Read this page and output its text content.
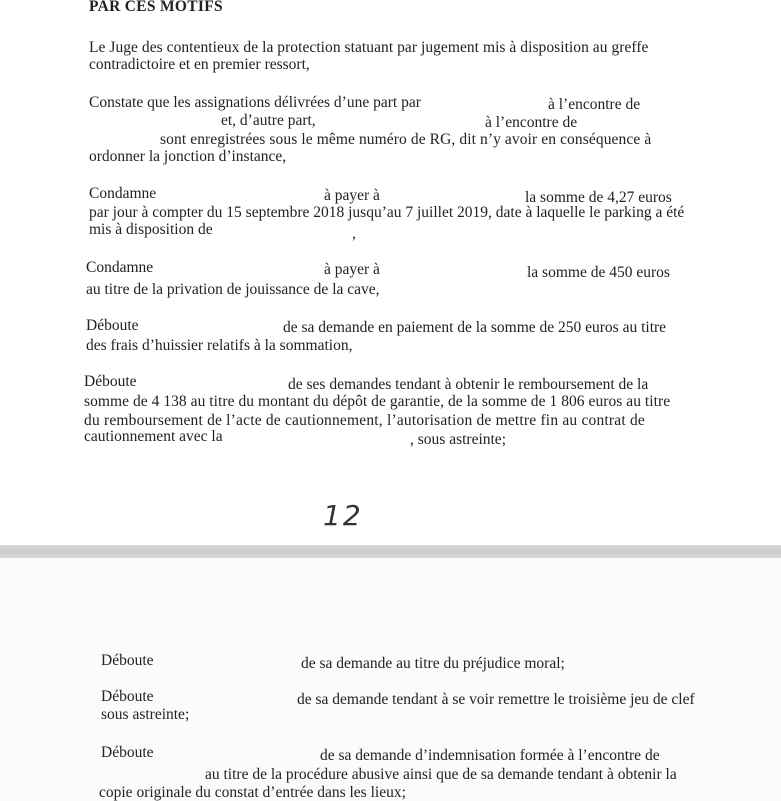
PAR CES MOTIFS
Le Juge des contentieux de la protection statuant par jugement mis à disposition au greffe
contradictoire et en premier ressort,
Constate que les assignations délivrées d’une part par	à l’encontre de
et, d’autre part,	à l’encontre de
sont enregistrées sous le même numéro de RG, dit n’y avoir en conséquence à
ordonner la jonction d’instance,
Condamne	à payer à	la somme de 4,27 euros
par jour à compter du 15 septembre 2018 jusqu’au 7 juillet 2019, date à laquelle le parking a été
mis à disposition de	,
Condamne	à payer à	la somme de 450 euros
au titre de la privation de jouissance de la cave,
Déboute	de sa demande en paiement de la somme de 250 euros au titre
des frais d’huissier relatifs à la sommation,
Déboute	de ses demandes tendant à obtenir le remboursement de la
somme de 4 138 au titre du montant du dépôt de garantie, de la somme de 1 806 euros au titre
du remboursement de l’acte de cautionnement, l’autorisation de mettre fin au contrat de
cautionnement avec la	, sous astreinte;
12
Déboute	de sa demande au titre du préjudice moral;
Déboute	de sa demande tendant à se voir remettre le troisième jeu de clef
sous astreinte;
Déboute	de sa demande d’indemnisation formée à l’encontre de
au titre de la procédure abusive ainsi que de sa demande tendant à obtenir la
copie originale du constat d’entrée dans les lieux;
